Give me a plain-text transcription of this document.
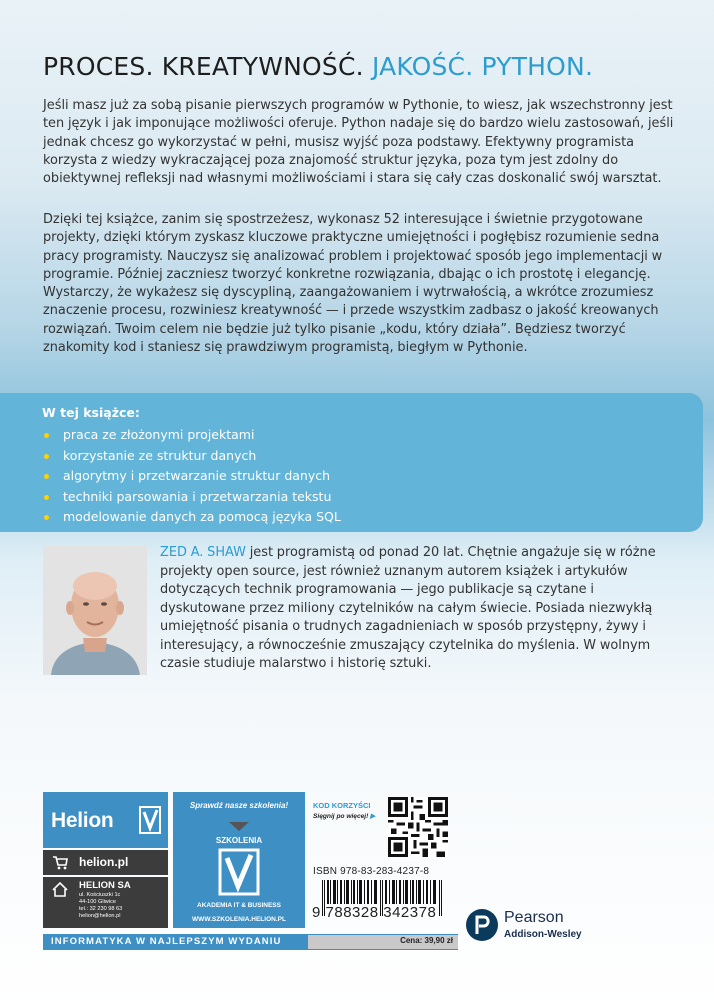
PROCES. KREATYWNOŚĆ. JAKOŚĆ. PYTHON.

Jeśli masz już za sobą pisanie pierwszych programów w Pythonie, to wiesz, jak wszechstronny jest ten język i jak imponujące możliwości oferuje. Python nadaje się do bardzo wielu zastosowań, jeśli jednak chcesz go wykorzystać w pełni, musisz wyjść poza podstawy. Efektywny programista korzysta z wiedzy wykraczającej poza znajomość struktur języka, poza tym jest zdolny do obiektywnej refleksji nad własnymi możliwościami i stara się cały czas doskonalić swój warsztat.

Dzięki tej książce, zanim się spostrzeżesz, wykonasz 52 interesujące i świetnie przygotowane projekty, dzięki którym zyskasz kluczowe praktyczne umiejętności i pogłębisz rozumienie sedna pracy programisty. Nauczysz się analizować problem i projektować sposób jego implementacji w programie. Później zaczniesz tworzyć konkretne rozwiązania, dbając o ich prostotę i elegancję. Wystarczy, że wykażesz się dyscypliną, zaangażowaniem i wytrwałością, a wkrótce zrozumiesz znaczenie procesu, rozwiniesz kreatywność — i przede wszystkim zadbasz o jakość kreowanych rozwiązań. Twoim celem nie będzie już tylko pisanie „kodu, który działa”. Będziesz tworzyć znakomity kod i staniesz się prawdziwym programistą, biegłym w Pythonie.

W tej książce:
praca ze złożonymi projektami
korzystanie ze struktur danych
algorytmy i przetwarzanie struktur danych
techniki parsowania i przetwarzania tekstu
modelowanie danych za pomocą języka SQL

ZED A. SHAW jest programistą od ponad 20 lat. Chętnie angażuje się w różne projekty open source, jest również uznanym autorem książek i artykułów dotyczących technik programowania — jego publikacje są czytane i dyskutowane przez miliony czytelników na całym świecie. Posiada niezwykłą umiejętność pisania o trudnych zagadnieniach w sposób przystępny, żywy i interesujący, a równocześnie zmuszający czytelnika do myślenia. W wolnym czasie studiuje malarstwo i historię sztuki.

Helion
helion.pl
HELION SA
ul. Kościuszki 1c
44-100 Gliwice
tel.: 32 230 98 63
helion@helion.pl
Sprawdź nasze szkolenia!
SZKOLENIA
AKADEMIA IT & BUSINESS
WWW.SZKOLENIA.HELION.PL
INFORMATYKA W NAJLEPSZYM WYDANIU	Cena: 39,90 zł
KOD KORZYŚCI
Sięgnij po więcej! ▶
ISBN 978-83-283-4237-8
9 788328 342378	Pearson
Addison-Wesley
